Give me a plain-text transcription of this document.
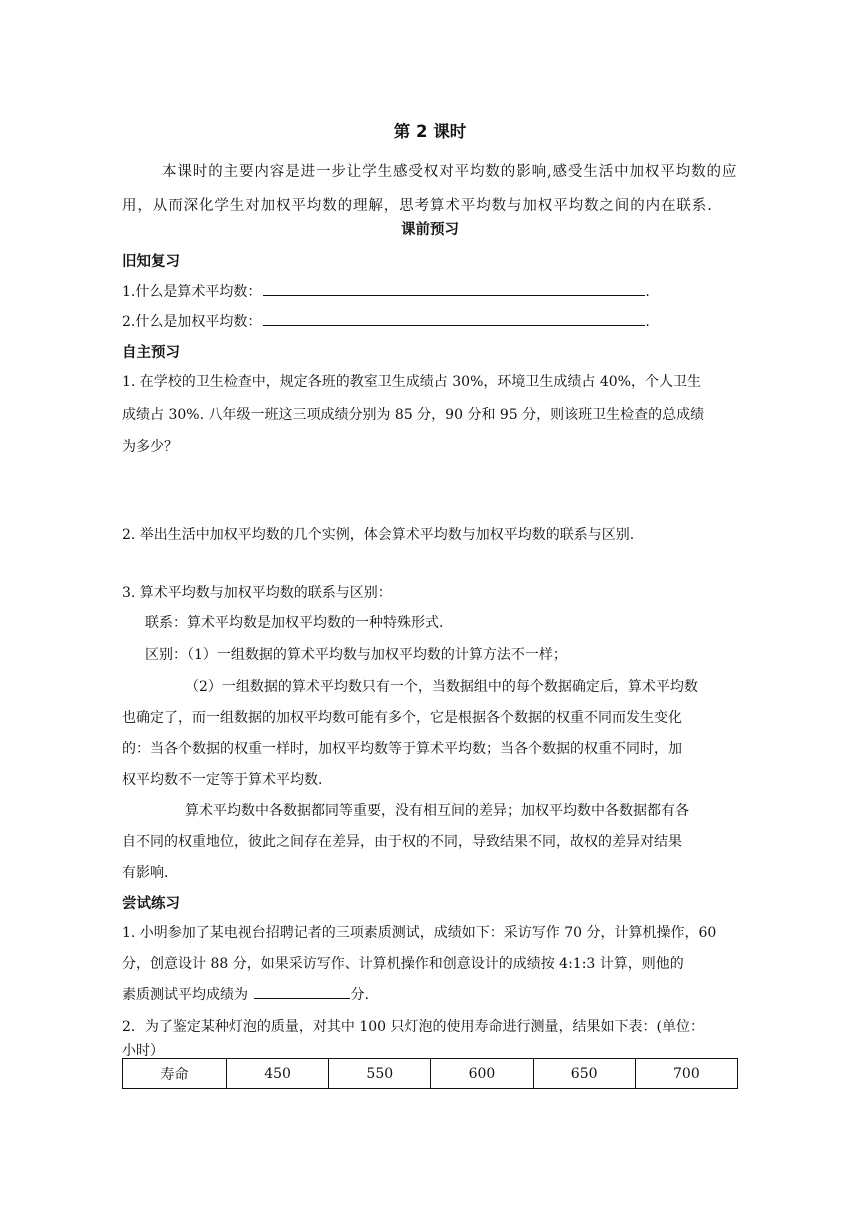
第 2 课时
本课时的主要内容是进一步让学生感受权对平均数的影响,感受生活中加权平均数的应
用，从而深化学生对加权平均数的理解，思考算术平均数与加权平均数之间的内在联系.
课前预习
旧知复习
1.什么是算术平均数：	.
2.什么是加权平均数：	.
自主预习
1. 在学校的卫生检查中，规定各班的教室卫生成绩占 30%，环境卫生成绩占 40%，个人卫生
成绩占 30%. 八年级一班这三项成绩分别为 85 分，90 分和 95 分，则该班卫生检查的总成绩
为多少？
2. 举出生活中加权平均数的几个实例，体会算术平均数与加权平均数的联系与区别.
3. 算术平均数与加权平均数的联系与区别：
联系：算术平均数是加权平均数的一种特殊形式.
区别：（1）一组数据的算术平均数与加权平均数的计算方法不一样；
（2）一组数据的算术平均数只有一个，当数据组中的每个数据确定后，算术平均数
也确定了，而一组数据的加权平均数可能有多个，它是根据各个数据的权重不同而发生变化
的：当各个数据的权重一样时，加权平均数等于算术平均数；当各个数据的权重不同时，加
权平均数不一定等于算术平均数.
算术平均数中各数据都同等重要，没有相互间的差异；加权平均数中各数据都有各
自不同的权重地位，彼此之间存在差异，由于权的不同，导致结果不同，故权的差异对结果
有影响.
尝试练习
1. 小明参加了某电视台招聘记者的三项素质测试，成绩如下：采访写作 70 分，计算机操作，60
分，创意设计 88 分，如果采访写作、计算机操作和创意设计的成绩按 4:1:3 计算，则他的
素质测试平均成绩为	分.
2．为了鉴定某种灯泡的质量，对其中 100 只灯泡的使用寿命进行测量，结果如下表：(单位：
小时）
寿命	450	550	600	650	700
